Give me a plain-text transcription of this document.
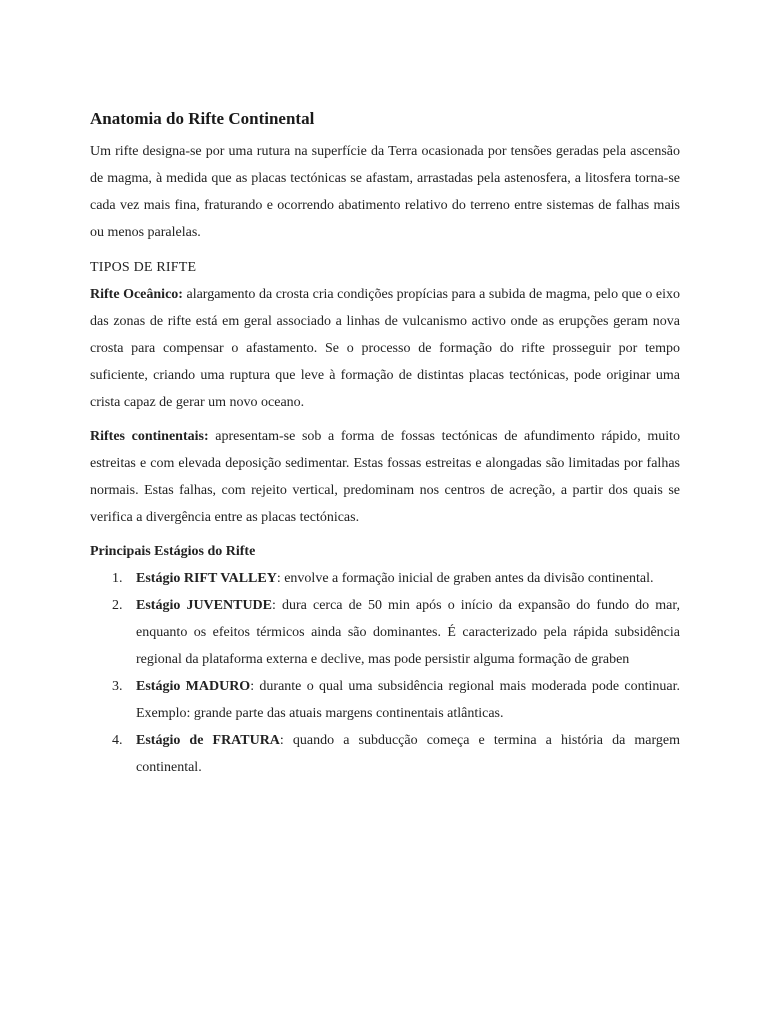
Anatomia do Rifte Continental

Um rifte designa-se por uma rutura na superfície da Terra ocasionada por tensões geradas pela ascensão de magma, à medida que as placas tectónicas se afastam, arrastadas pela astenosfera, a litosfera torna-se cada vez mais fina, fraturando e ocorrendo abatimento relativo do terreno entre sistemas de falhas mais ou menos paralelas.

TIPOS DE RIFTE

Rifte Oceânico: alargamento da crosta cria condições propícias para a subida de magma, pelo que o eixo das zonas de rifte está em geral associado a linhas de vulcanismo activo onde as erupções geram nova crosta para compensar o afastamento. Se o processo de formação do rifte prosseguir por tempo suficiente, criando uma ruptura que leve à formação de distintas placas tectónicas, pode originar uma crista capaz de gerar um novo oceano.

Riftes continentais: apresentam-se sob a forma de fossas tectónicas de afundimento rápido, muito estreitas e com elevada deposição sedimentar. Estas fossas estreitas e alongadas são limitadas por falhas normais. Estas falhas, com rejeito vertical, predominam nos centros de acreção, a partir dos quais se verifica a divergência entre as placas tectónicas.

Principais Estágios do Rifte
1. Estágio RIFT VALLEY: envolve a formação inicial de graben antes da divisão continental.
2. Estágio JUVENTUDE: dura cerca de 50 min após o início da expansão do fundo do mar, enquanto os efeitos térmicos ainda são dominantes. É caracterizado pela rápida subsidência regional da plataforma externa e declive, mas pode persistir alguma formação de graben
3. Estágio MADURO: durante o qual uma subsidência regional mais moderada pode continuar. Exemplo: grande parte das atuais margens continentais atlânticas.
4. Estágio de FRATURA: quando a subducção começa e termina a história da margem continental.
